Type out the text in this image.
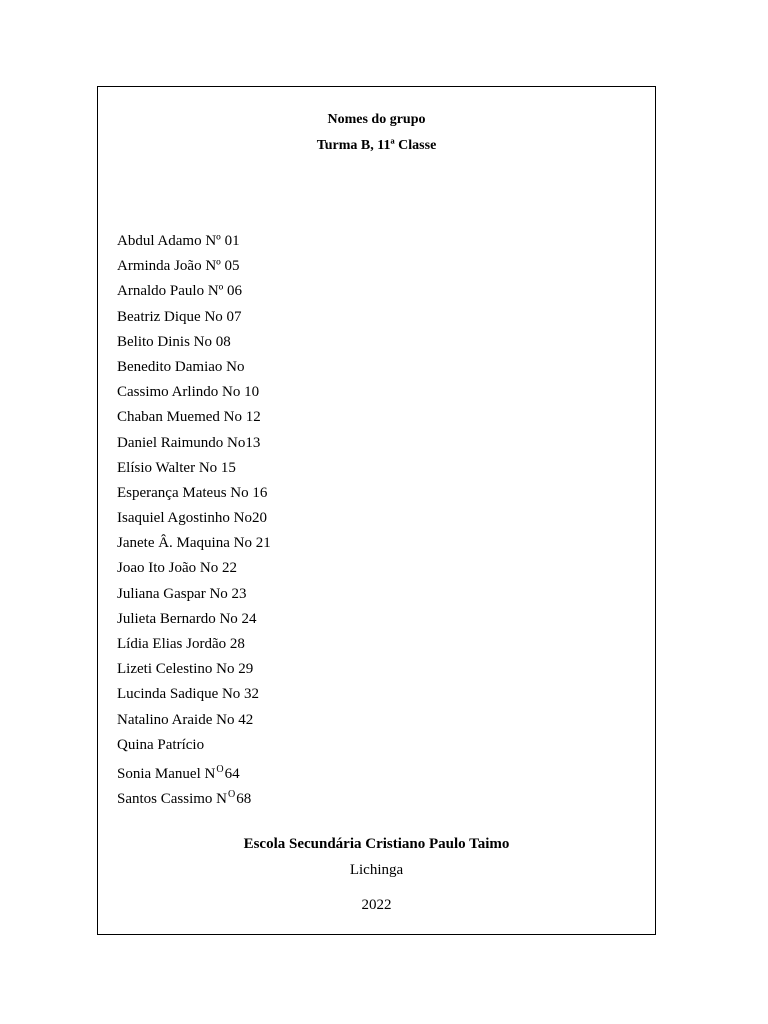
Nomes do grupo
Turma B, 11ª Classe
Abdul Adamo Nº 01
Arminda João Nº 05
Arnaldo Paulo Nº 06
Beatriz Dique No 07
Belito Dinis No 08
Benedito Damiao No
Cassimo Arlindo No 10
Chaban Muemed No 12
Daniel Raimundo No13
Elísio Walter No 15
Esperança Mateus No 16
Isaquiel Agostinho No20
Janete Â. Maquina No 21
Joao Ito João No 22
Juliana Gaspar No 23
Julieta Bernardo No 24
Lídia Elias Jordão 28
Lizeti Celestino No 29
Lucinda Sadique No 32
Natalino Araide No 42
Quina Patrício
Sonia Manuel $N^O64$
Santos Cassimo $N^O68$
Escola Secundária Cristiano Paulo Taimo
Lichinga
2022
